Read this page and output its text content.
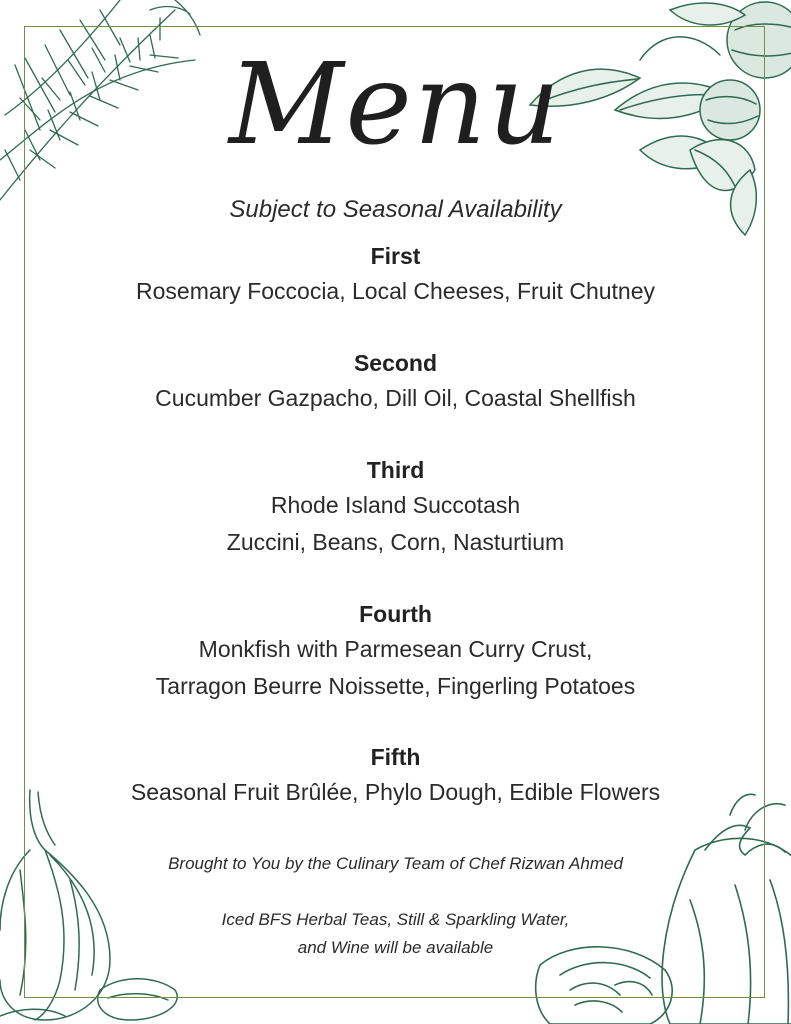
Menu
Subject to Seasonal Availability
First
Rosemary Foccocia, Local Cheeses, Fruit Chutney
Second
Cucumber Gazpacho, Dill Oil, Coastal Shellfish
Third
Rhode Island Succotash
Zuccini, Beans, Corn, Nasturtium
Fourth
Monkfish with Parmesean Curry Crust,
Tarragon Beurre Noissette, Fingerling Potatoes
Fifth
Seasonal Fruit Brûlée, Phylo Dough, Edible Flowers
Brought to You by the Culinary Team of Chef Rizwan Ahmed
Iced BFS Herbal Teas, Still & Sparkling Water,
and Wine will be available
